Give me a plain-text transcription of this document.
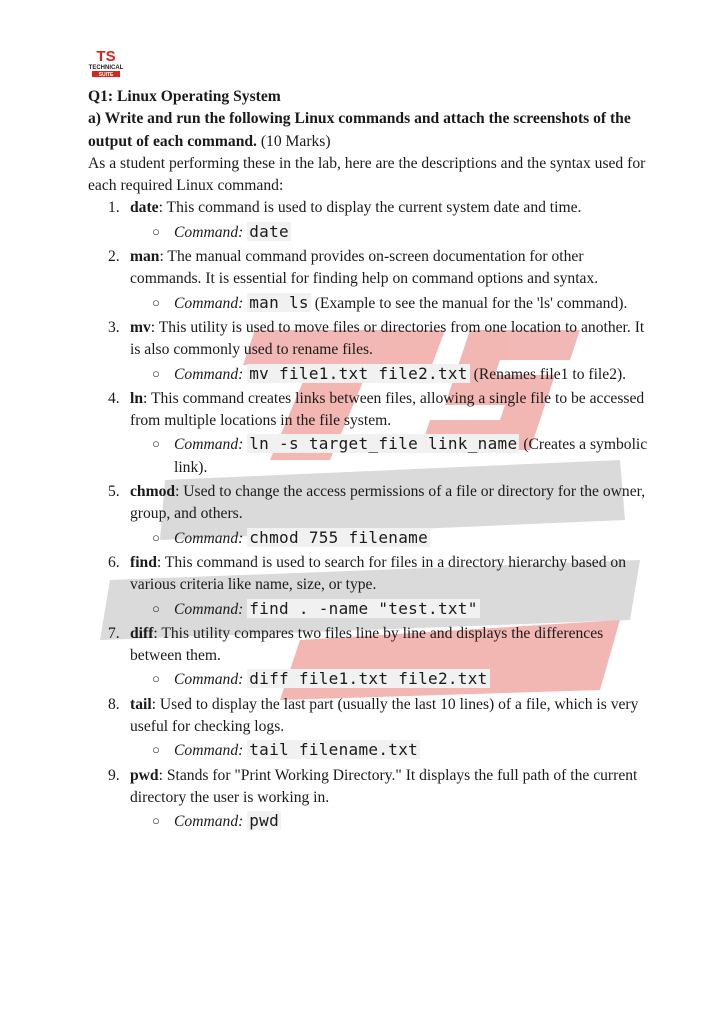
TS
TECHNICAL
SUITE

Q1: Linux Operating System

a) Write and run the following Linux commands and attach the screenshots of the output of each command. (10 Marks)

As a student performing these in the lab, here are the descriptions and the syntax used for each required Linux command:

1. date: This command is used to display the current system date and time.
○ Command: date
2. man: The manual command provides on-screen documentation for other commands. It is essential for finding help on command options and syntax.
○ Command: man ls (Example to see the manual for the 'ls' command).
3. mv: This utility is used to move files or directories from one location to another. It is also commonly used to rename files.
○ Command: mv file1.txt file2.txt (Renames file1 to file2).
4. ln: This command creates links between files, allowing a single file to be accessed from multiple locations in the file system.
○ Command: ln -s target_file link_name (Creates a symbolic link).
5. chmod: Used to change the access permissions of a file or directory for the owner, group, and others.
○ Command: chmod 755 filename
6. find: This command is used to search for files in a directory hierarchy based on various criteria like name, size, or type.
○ Command: find . -name "test.txt"
7. diff: This utility compares two files line by line and displays the differences between them.
○ Command: diff file1.txt file2.txt
8. tail: Used to display the last part (usually the last 10 lines) of a file, which is very useful for checking logs.
○ Command: tail filename.txt
9. pwd: Stands for "Print Working Directory." It displays the full path of the current directory the user is working in.
○ Command: pwd
